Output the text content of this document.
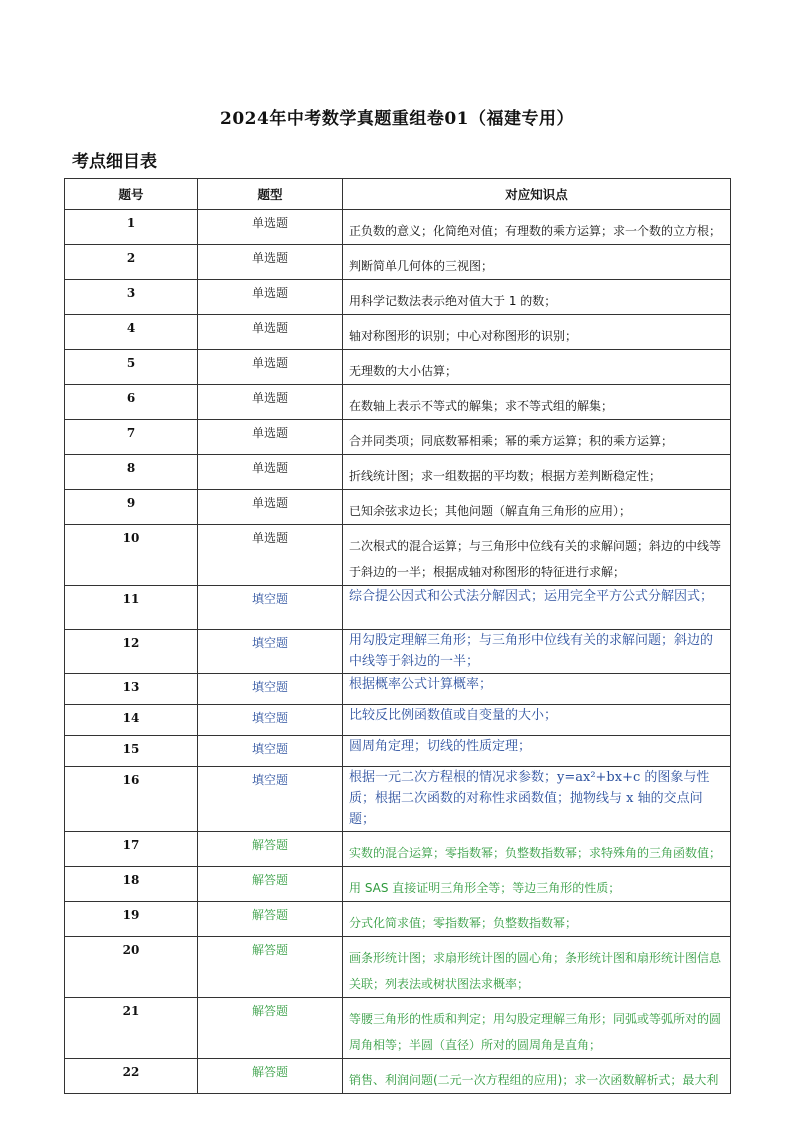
2024年中考数学真题重组卷01（福建专用）
考点细目表
题号	题型	对应知识点
1	单选题	正负数的意义；化简绝对值；有理数的乘方运算；求一个数的立方根；
2	单选题	判断简单几何体的三视图；
3	单选题	用科学记数法表示绝对值大于 1 的数；
4	单选题	轴对称图形的识别；中心对称图形的识别；
5	单选题	无理数的大小估算；
6	单选题	在数轴上表示不等式的解集；求不等式组的解集；
7	单选题	合并同类项；同底数幂相乘；幂的乘方运算；积的乘方运算；
8	单选题	折线统计图；求一组数据的平均数；根据方差判断稳定性；
9	单选题	已知余弦求边长；其他问题（解直角三角形的应用）；
10	单选题	二次根式的混合运算；与三角形中位线有关的求解问题；斜边的中线等于斜边的一半；根据成轴对称图形的特征进行求解；
11	填空题	综合提公因式和公式法分解因式；运用完全平方公式分解因式；
12	填空题	用勾股定理解三角形；与三角形中位线有关的求解问题；斜边的中线等于斜边的一半；
13	填空题	根据概率公式计算概率；
14	填空题	比较反比例函数值或自变量的大小；
15	填空题	圆周角定理；切线的性质定理；
16	填空题	根据一元二次方程根的情况求参数；y=ax²+bx+c 的图象与性质；根据二次函数的对称性求函数值；抛物线与 x 轴的交点问题；
17	解答题	实数的混合运算；零指数幂；负整数指数幂；求特殊角的三角函数值；
18	解答题	用 SAS 直接证明三角形全等；等边三角形的性质；
19	解答题	分式化简求值；零指数幂；负整数指数幂；
20	解答题	画条形统计图；求扇形统计图的圆心角；条形统计图和扇形统计图信息关联；列表法或树状图法求概率；
21	解答题	等腰三角形的性质和判定；用勾股定理解三角形；同弧或等弧所对的圆周角相等；半圆（直径）所对的圆周角是直角；
22	解答题	销售、利润问题(二元一次方程组的应用)；求一次函数解析式；最大利
